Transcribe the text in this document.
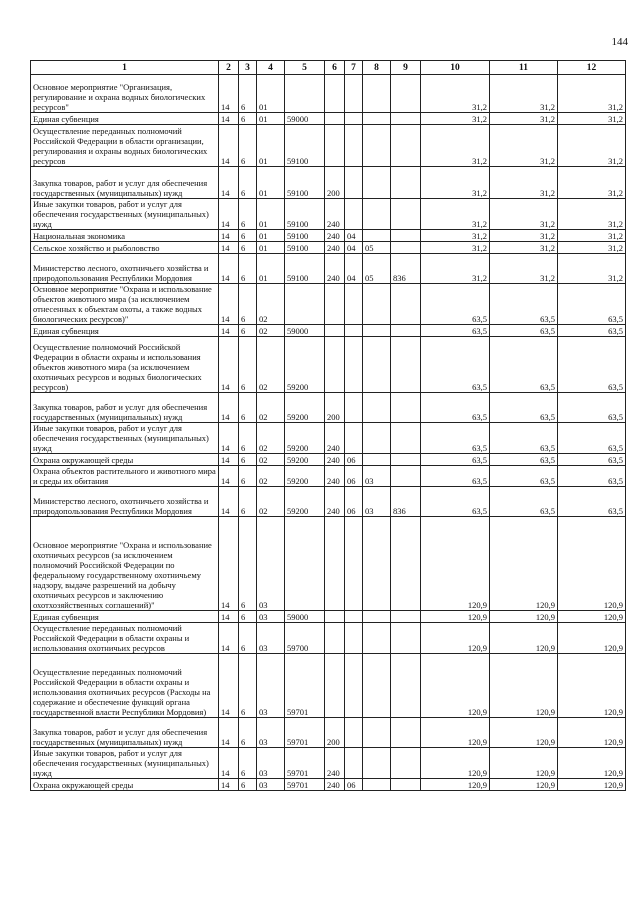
144
1	2	3	4	5	6	7	8	9	10	11	12
Основное мероприятие "Организация, регулирование и охрана водных биологических ресурсов"	14	6	01						31,2	31,2	31,2
Единая субвенция	14	6	01	59000					31,2	31,2	31,2
Осуществление переданных полномочий Российской Федерации в области организации, регулирования и охраны водных биологических ресурсов	14	6	01	59100					31,2	31,2	31,2
Закупка товаров, работ и услуг для обеспечения государственных (муниципальных) нужд	14	6	01	59100	200				31,2	31,2	31,2
Иные закупки товаров, работ и услуг для обеспечения государственных (муниципальных) нужд	14	6	01	59100	240				31,2	31,2	31,2
Национальная экономика	14	6	01	59100	240	04			31,2	31,2	31,2
Сельское хозяйство и рыболовство	14	6	01	59100	240	04	05		31,2	31,2	31,2
Министерство лесного, охотничьего хозяйства и природопользования Республики Мордовия	14	6	01	59100	240	04	05	836	31,2	31,2	31,2
Основное мероприятие "Охрана и использование объектов животного мира (за исключением отнесенных к объектам охоты, а также водных биологических ресурсов)"	14	6	02						63,5	63,5	63,5
Единая субвенция	14	6	02	59000					63,5	63,5	63,5
Осуществление полномочий Российской Федерации в области охраны и использования объектов животного мира (за исключением охотничьих ресурсов и водных биологических ресурсов)	14	6	02	59200					63,5	63,5	63,5
Закупка товаров, работ и услуг для обеспечения государственных (муниципальных) нужд	14	6	02	59200	200				63,5	63,5	63,5
Иные закупки товаров, работ и услуг для обеспечения государственных (муниципальных) нужд	14	6	02	59200	240				63,5	63,5	63,5
Охрана окружающей среды	14	6	02	59200	240	06			63,5	63,5	63,5
Охрана объектов растительного и животного мира и среды их обитания	14	6	02	59200	240	06	03		63,5	63,5	63,5
Министерство лесного, охотничьего хозяйства и природопользования Республики Мордовия	14	6	02	59200	240	06	03	836	63,5	63,5	63,5
Основное мероприятие "Охрана и использование охотничьих ресурсов (за исключением полномочий Российской Федерации по федеральному государственному охотничьему надзору, выдаче разрешений на добычу охотничьих ресурсов и заключению охотхозяйственных соглашений)"	14	6	03						120,9	120,9	120,9
Единая субвенция	14	6	03	59000					120,9	120,9	120,9
Осуществление переданных полномочий Российской Федерации в области охраны и использования охотничьих ресурсов	14	6	03	59700					120,9	120,9	120,9
Осуществление переданных полномочий Российской Федерации в области охраны и использования охотничьих ресурсов (Расходы на содержание и обеспечение функций органа государственной власти Республики Мордовия)	14	6	03	59701					120,9	120,9	120,9
Закупка товаров, работ и услуг для обеспечения государственных (муниципальных) нужд	14	6	03	59701	200				120,9	120,9	120,9
Иные закупки товаров, работ и услуг для обеспечения государственных (муниципальных) нужд	14	6	03	59701	240				120,9	120,9	120,9
Охрана окружающей среды	14	6	03	59701	240	06			120,9	120,9	120,9
